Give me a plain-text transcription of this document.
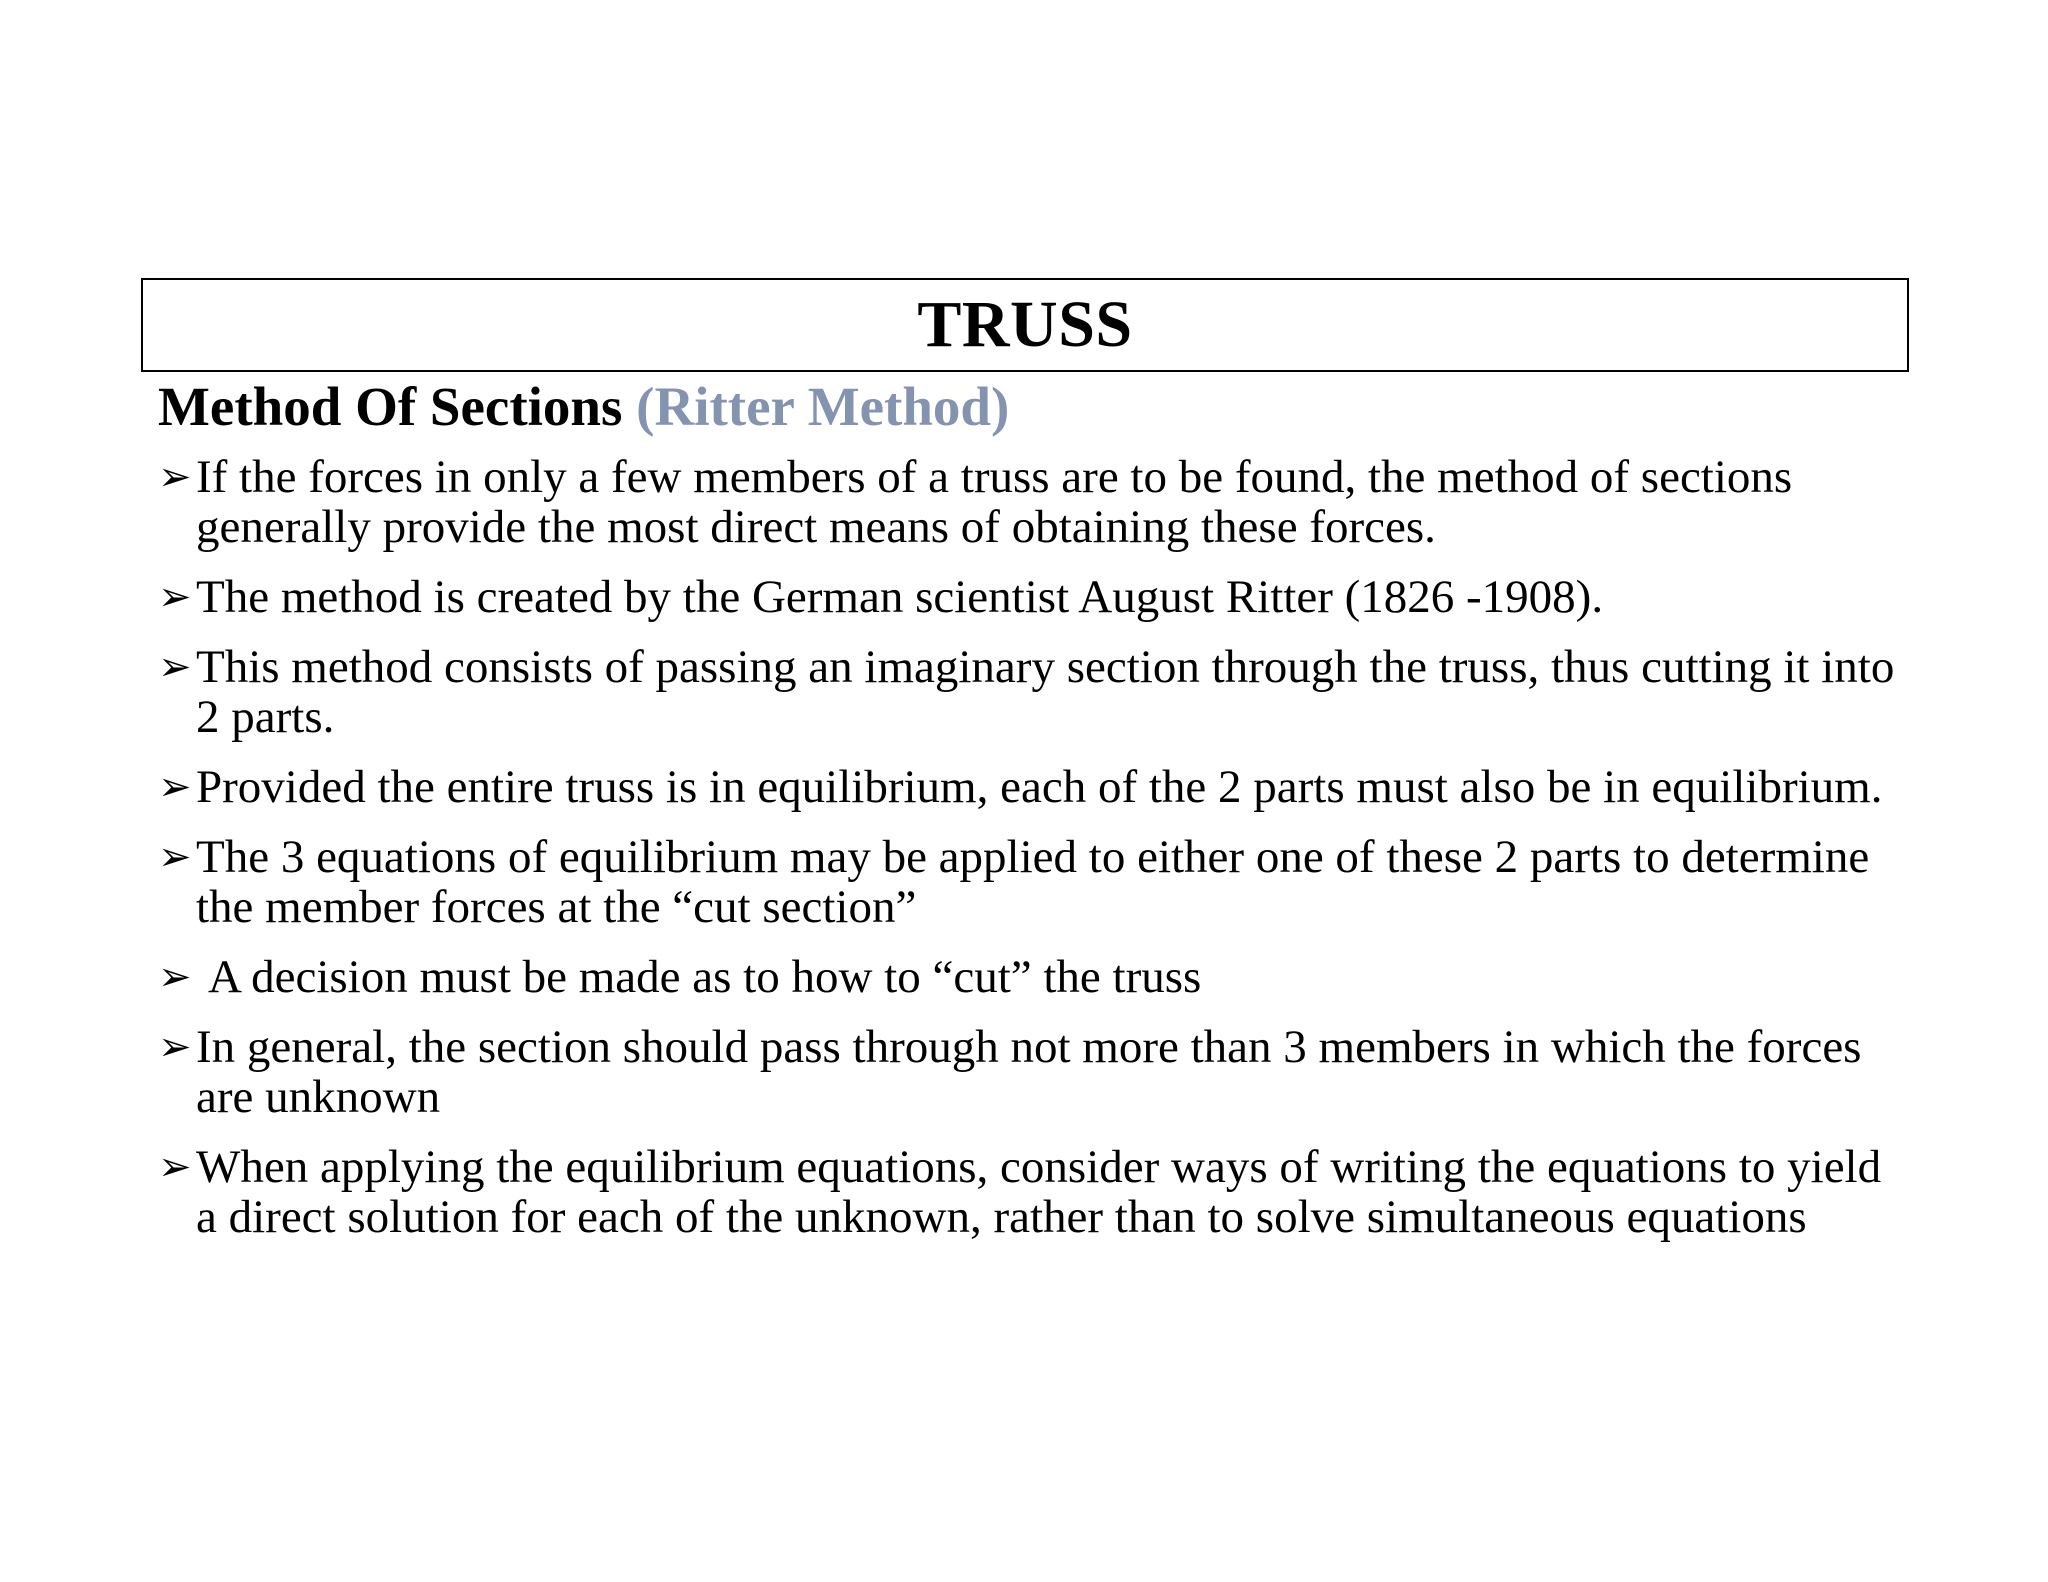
TRUSS
Method Of Sections (Ritter Method)
➢ If the forces in only a few members of a truss are to be found, the method of sections generally provide the most direct means of obtaining these forces.
➢ The method is created by the German scientist August Ritter (1826 -1908).
➢ This method consists of passing an imaginary section through the truss, thus cutting it into 2 parts.
➢ Provided the entire truss is in equilibrium, each of the 2 parts must also be in equilibrium.
➢ The 3 equations of equilibrium may be applied to either one of these 2 parts to determine the member forces at the “cut section”
➢ A decision must be made as to how to “cut” the truss
➢ In general, the section should pass through not more than 3 members in which the forces are unknown
➢ When applying the equilibrium equations, consider ways of writing the equations to yield a direct solution for each of the unknown, rather than to solve simultaneous equations
